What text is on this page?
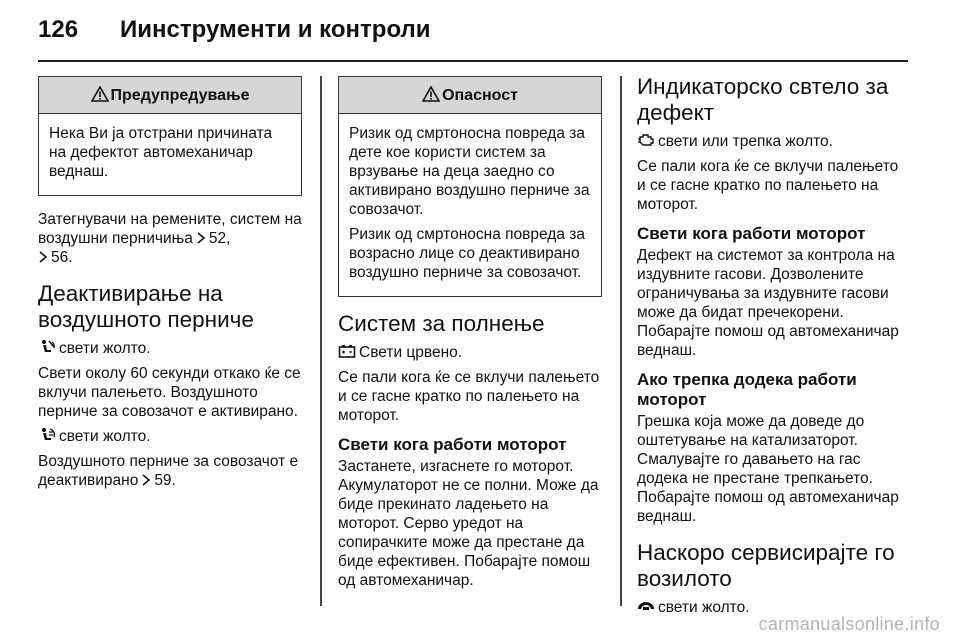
126 Иинструменти и контроли
Предупредување

Нека Ви ја отстрани причината на дефектот автомеханичар веднаш.

Затегнувачи на ремените, систем на воздушни перничиња 52,
56.

Деактивирање на воздушното перниче

свети жолто.

Свети околу 60 секунди откако ќе се вклучи палењето. Воздушното перниче за совозачот е активирано.

свети жолто.

Воздушното перниче за совозачот е деактивирано 59.

Опасност

Ризик од смртоносна повреда за дете кое користи систем за врзување на деца заедно со активирано воздушно перниче за совозачот.

Ризик од смртоносна повреда за возрасно лице со деактивирано воздушно перниче за совозачот.

Систем за полнење

Свети црвено.

Се пали кога ќе се вклучи палењето и се гасне кратко по палењето на моторот.

Свети кога работи моторот

Застанете, изгаснете го моторот. Акумулаторот не се полни. Може да биде прекинато ладењето на моторот. Серво уредот на сопирачките може да престане да биде ефективен. Побарајте помош од автомеханичар.

Индикаторско свтело за дефект

свети или трепка жолто.

Се пали кога ќе се вклучи палењето и се гасне кратко по палењето на моторот.

Свети кога работи моторот

Дефект на системот за контрола на издувните гасови. Дозволените ограничувања за издувните гасови може да бидат пречекорени. Побарајте помош од автомеханичар веднаш.

Ако трепка додека работи моторот

Грешка која може да доведе до оштетување на катализаторот. Смалувајте го давањето на гас додека не престане трепкањето. Побарајте помош од автомеханичар веднаш.

Наскоро сервисирајте го возилото

свети жолто.

carmanualsonline.info
